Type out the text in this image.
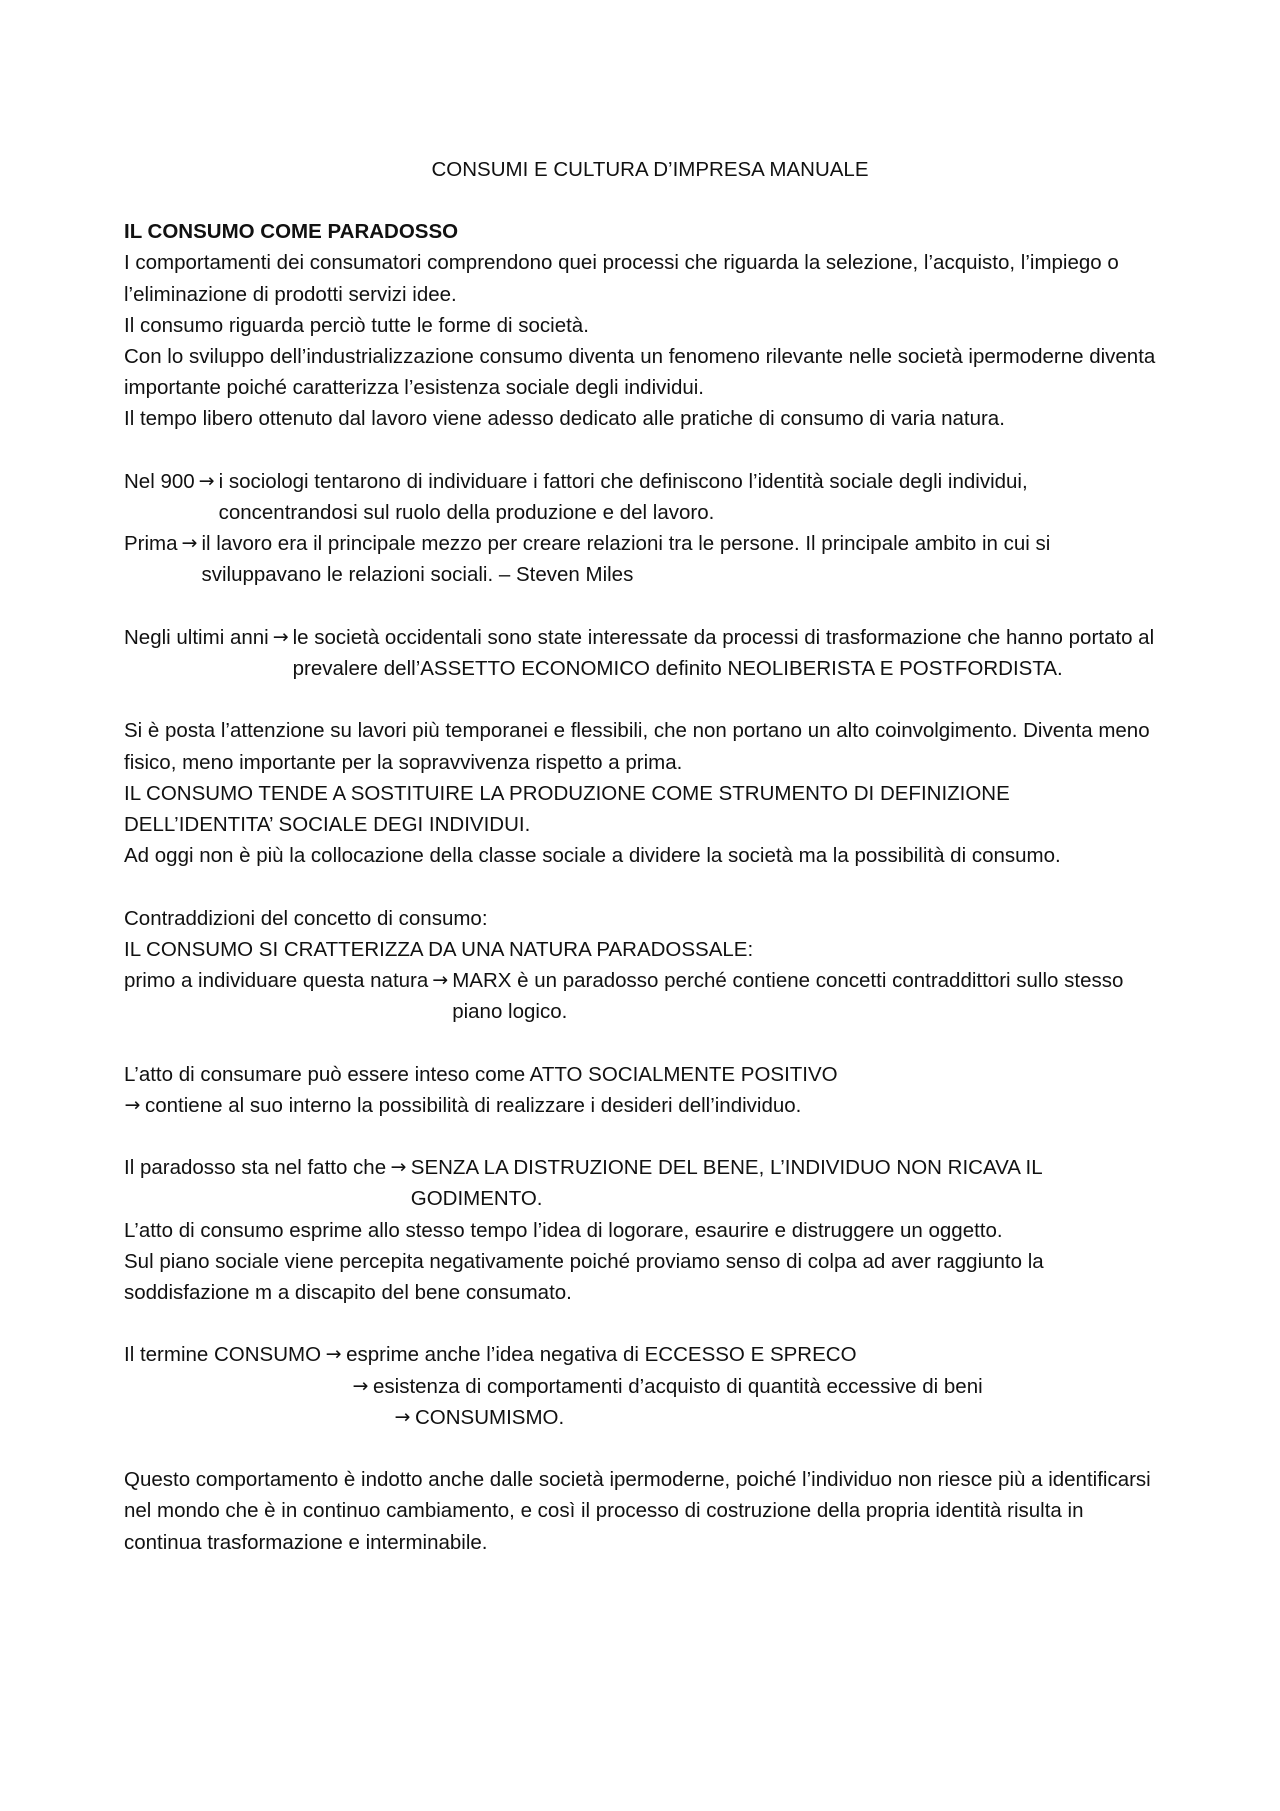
CONSUMI E CULTURA D’IMPRESA MANUALE

IL CONSUMO COME PARADOSSO

I comportamenti dei consumatori comprendono quei processi che riguarda la selezione, l’acquisto, l’impiego o l’eliminazione di prodotti servizi idee.

Il consumo riguarda perciò tutte le forme di società.

Con lo sviluppo dell’industrializzazione consumo diventa un fenomeno rilevante nelle società ipermoderne diventa importante poiché caratterizza l’esistenza sociale degli individui.

Il tempo libero ottenuto dal lavoro viene adesso dedicato alle pratiche di consumo di varia natura.

Nel 900 → i sociologi tentarono di individuare i fattori che definiscono l’identità sociale degli individui, concentrandosi sul ruolo della produzione e del lavoro.
Prima → il lavoro era il principale mezzo per creare relazioni tra le persone. Il principale ambito in cui si sviluppavano le relazioni sociali. – Steven Miles
Negli ultimi anni → le società occidentali sono state interessate da processi di trasformazione che hanno portato al prevalere dell’ASSETTO ECONOMICO definito NEOLIBERISTA E POSTFORDISTA.

Si è posta l’attenzione su lavori più temporanei e flessibili, che non portano un alto coinvolgimento. Diventa meno fisico, meno importante per la sopravvivenza rispetto a prima.

IL CONSUMO TENDE A SOSTITUIRE LA PRODUZIONE COME STRUMENTO DI DEFINIZIONE DELL’IDENTITA’ SOCIALE DEGI INDIVIDUI.

Ad oggi non è più la collocazione della classe sociale a dividere la società ma la possibilità di consumo.

Contraddizioni del concetto di consumo:

IL CONSUMO SI CRATTERIZZA DA UNA NATURA PARADOSSALE:

primo a individuare questa natura → MARX è un paradosso perché contiene concetti contraddittori sullo stesso piano logico.

L’atto di consumare può essere inteso come ATTO SOCIALMENTE POSITIVO

→ contiene al suo interno la possibilità di realizzare i desideri dell’individuo.
Il paradosso sta nel fatto che → SENZA LA DISTRUZIONE DEL BENE, L’INDIVIDUO NON RICAVA IL GODIMENTO.

L’atto di consumo esprime allo stesso tempo l’idea di logorare, esaurire e distruggere un oggetto.

Sul piano sociale viene percepita negativamente poiché proviamo senso di colpa ad aver raggiunto la soddisfazione m a discapito del bene consumato.

Il termine CONSUMO → esprime anche l’idea negativa di ECCESSO E SPRECO
→ esistenza di comportamenti d’acquisto di quantità eccessive di beni
→ CONSUMISMO.

Questo comportamento è indotto anche dalle società ipermoderne, poiché l’individuo non riesce più a identificarsi nel mondo che è in continuo cambiamento, e così il processo di costruzione della propria identità risulta in continua trasformazione e interminabile.
